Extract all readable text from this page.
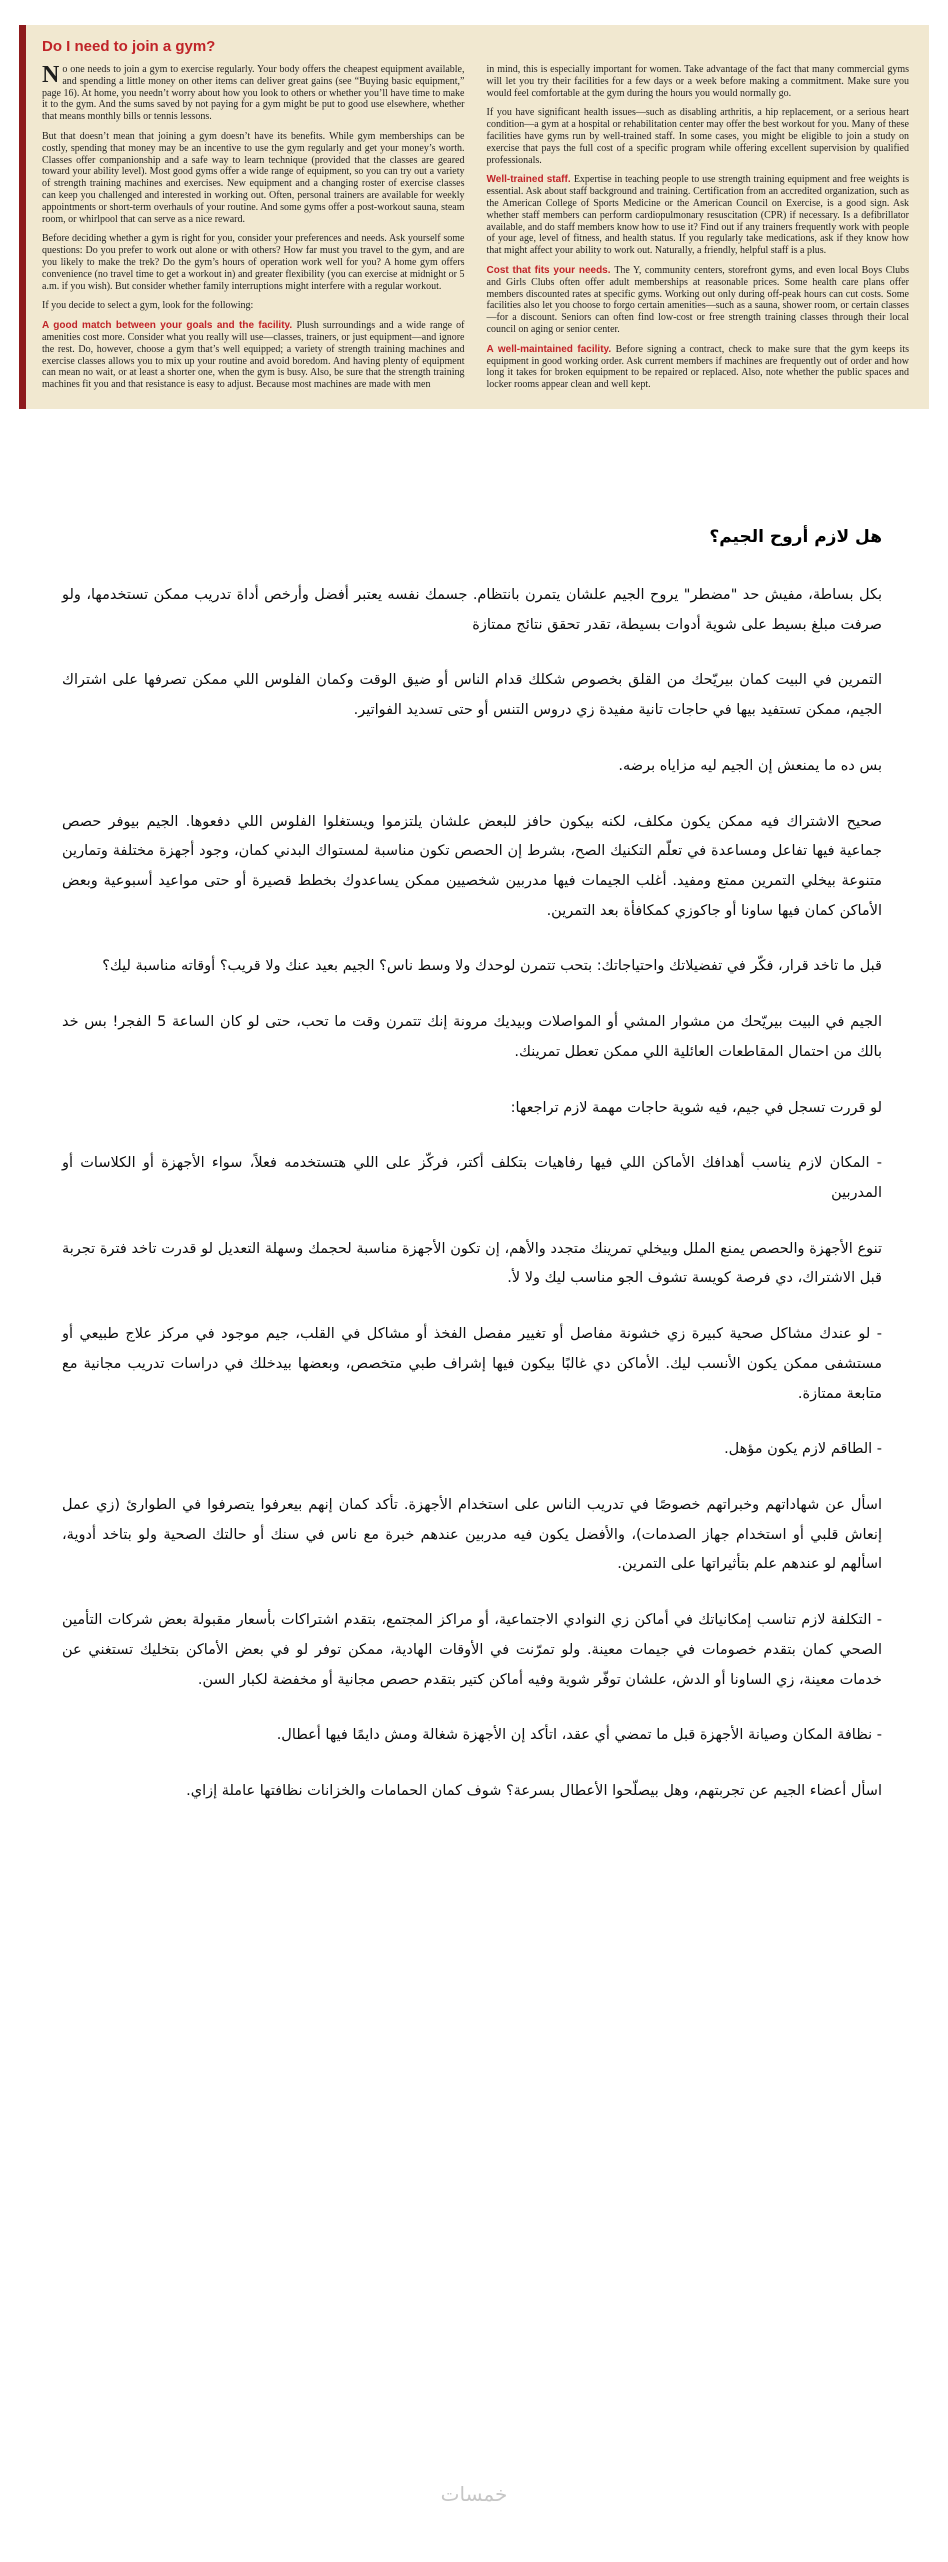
Do I need to join a gym?

No one needs to join a gym to exercise regularly. Your body offers the cheapest equipment available, and spending a little money on other items can deliver great gains (see “Buying basic equipment,” page 16). At home, you needn’t worry about how you look to others or whether you’ll have time to make it to the gym. And the sums saved by not paying for a gym might be put to good use elsewhere, whether that means monthly bills or tennis lessons.

But that doesn’t mean that joining a gym doesn’t have its benefits. While gym memberships can be costly, spending that money may be an incentive to use the gym regularly and get your money’s worth. Classes offer companionship and a safe way to learn technique (provided that the classes are geared toward your ability level). Most good gyms offer a wide range of equipment, so you can try out a variety of strength training machines and exercises. New equipment and a changing roster of exercise classes can keep you challenged and interested in working out. Often, personal trainers are available for weekly appointments or short-term overhauls of your routine. And some gyms offer a post-workout sauna, steam room, or whirlpool that can serve as a nice reward.

Before deciding whether a gym is right for you, consider your preferences and needs. Ask yourself some questions: Do you prefer to work out alone or with others? How far must you travel to the gym, and are you likely to make the trek? Do the gym’s hours of operation work well for you? A home gym offers convenience (no travel time to get a workout in) and greater flexibility (you can exercise at midnight or 5 a.m. if you wish). But consider whether family interruptions might interfere with a regular workout.

If you decide to select a gym, look for the following:

A good match between your goals and the facility. Plush surroundings and a wide range of amenities cost more. Consider what you really will use—classes, trainers, or just equipment—and ignore the rest. Do, however, choose a gym that’s well equipped; a variety of strength training machines and exercise classes allows you to mix up your routine and avoid boredom. And having plenty of equipment can mean no wait, or at least a shorter one, when the gym is busy. Also, be sure that the strength training machines fit you and that resistance is easy to adjust. Because most machines are made with men

in mind, this is especially important for women. Take advantage of the fact that many commercial gyms will let you try their facilities for a few days or a week before making a commitment. Make sure you would feel comfortable at the gym during the hours you would normally go.

If you have significant health issues—such as disabling arthritis, a hip replacement, or a serious heart condition—a gym at a hospital or rehabilitation center may offer the best workout for you. Many of these facilities have gyms run by well-trained staff. In some cases, you might be eligible to join a study on exercise that pays the full cost of a specific program while offering excellent supervision by qualified professionals.

Well-trained staff. Expertise in teaching people to use strength training equipment and free weights is essential. Ask about staff background and training. Certification from an accredited organization, such as the American College of Sports Medicine or the American Council on Exercise, is a good sign. Ask whether staff members can perform cardiopulmonary resuscitation (CPR) if necessary. Is a defibrillator available, and do staff members know how to use it? Find out if any trainers frequently work with people of your age, level of fitness, and health status. If you regularly take medications, ask if they know how that might affect your ability to work out. Naturally, a friendly, helpful staff is a plus.

Cost that fits your needs. The Y, community centers, storefront gyms, and even local Boys Clubs and Girls Clubs often offer adult memberships at reasonable prices. Some health care plans offer members discounted rates at specific gyms. Working out only during off-peak hours can cut costs. Some facilities also let you choose to forgo certain amenities—such as a sauna, shower room, or certain classes—for a discount. Seniors can often find low-cost or free strength training classes through their local council on aging or senior center.

A well-maintained facility. Before signing a contract, check to make sure that the gym keeps its equipment in good working order. Ask current members if machines are frequently out of order and how long it takes for broken equipment to be repaired or replaced. Also, note whether the public spaces and locker rooms appear clean and well kept.

هل لازم أروح الجيم؟

بكل بساطة، مفيش حد "مضطر" يروح الجيم علشان يتمرن بانتظام. جسمك نفسه يعتبر أفضل وأرخص أداة تدريب ممكن تستخدمها، ولو صرفت مبلغ بسيط على شوية أدوات بسيطة، تقدر تحقق نتائج ممتازة

التمرين في البيت كمان بيريّحك من القلق بخصوص شكلك قدام الناس أو ضيق الوقت وكمان الفلوس اللي ممكن تصرفها على اشتراك الجيم، ممكن تستفيد بيها في حاجات تانية مفيدة زي دروس التنس أو حتى تسديد الفواتير.

بس ده ما يمنعش إن الجيم ليه مزاياه برضه.

صحيح الاشتراك فيه ممكن يكون مكلف، لكنه بيكون حافز للبعض علشان يلتزموا ويستغلوا الفلوس اللي دفعوها. الجيم بيوفر حصص جماعية فيها تفاعل ومساعدة في تعلّم التكنيك الصح، بشرط إن الحصص تكون مناسبة لمستواك البدني كمان، وجود أجهزة مختلفة وتمارين متنوعة بيخلي التمرين ممتع ومفيد. أغلب الجيمات فيها مدربين شخصيين ممكن يساعدوك بخطط قصيرة أو حتى مواعيد أسبوعية وبعض الأماكن كمان فيها ساونا أو جاكوزي كمكافأة بعد التمرين.

قبل ما تاخد قرار، فكّر في تفضيلاتك واحتياجاتك: بتحب تتمرن لوحدك ولا وسط ناس؟ الجيم بعيد عنك ولا قريب؟ أوقاته مناسبة ليك؟

الجيم في البيت بيريّحك من مشوار المشي أو المواصلات وبيديك مرونة إنك تتمرن وقت ما تحب، حتى لو كان الساعة 5 الفجر! بس خد بالك من احتمال المقاطعات العائلية اللي ممكن تعطل تمرينك.

لو قررت تسجل في جيم، فيه شوية حاجات مهمة لازم تراجعها:

- المكان لازم يناسب أهدافك الأماكن اللي فيها رفاهيات بتكلف أكتر، فركّز على اللي هتستخدمه فعلاً، سواء الأجهزة أو الكلاسات أو المدربين

تنوع الأجهزة والحصص يمنع الملل وبيخلي تمرينك متجدد والأهم، إن تكون الأجهزة مناسبة لحجمك وسهلة التعديل لو قدرت تاخد فترة تجربة قبل الاشتراك، دي فرصة كويسة تشوف الجو مناسب ليك ولا لأ.

- لو عندك مشاكل صحية كبيرة زي خشونة مفاصل أو تغيير مفصل الفخذ أو مشاكل في القلب، جيم موجود في مركز علاج طبيعي أو مستشفى ممكن يكون الأنسب ليك. الأماكن دي غالبًا بيكون فيها إشراف طبي متخصص، وبعضها بيدخلك في دراسات تدريب مجانية مع متابعة ممتازة.

- الطاقم لازم يكون مؤهل.

اسأل عن شهاداتهم وخبراتهم خصوصًا في تدريب الناس على استخدام الأجهزة. تأكد كمان إنهم بيعرفوا يتصرفوا في الطوارئ (زي عمل إنعاش قلبي أو استخدام جهاز الصدمات)، والأفضل يكون فيه مدربين عندهم خبرة مع ناس في سنك أو حالتك الصحية ولو بتاخد أدوية، اسألهم لو عندهم علم بتأثيراتها على التمرين.

- التكلفة لازم تناسب إمكانياتك في أماكن زي النوادي الاجتماعية، أو مراكز المجتمع، بتقدم اشتراكات بأسعار مقبولة بعض شركات التأمين الصحي كمان بتقدم خصومات في جيمات معينة. ولو تمرّنت في الأوقات الهادية، ممكن توفر لو في بعض الأماكن بتخليك تستغني عن خدمات معينة، زي الساونا أو الدش، علشان توفّر شوية وفيه أماكن كتير بتقدم حصص مجانية أو مخفضة لكبار السن.

- نظافة المكان وصيانة الأجهزة قبل ما تمضي أي عقد، اتأكد إن الأجهزة شغالة ومش دايمًا فيها أعطال.

اسأل أعضاء الجيم عن تجربتهم، وهل بيصلّحوا الأعطال بسرعة؟ شوف كمان الحمامات والخزانات نظافتها عاملة إزاي.

خمسات
